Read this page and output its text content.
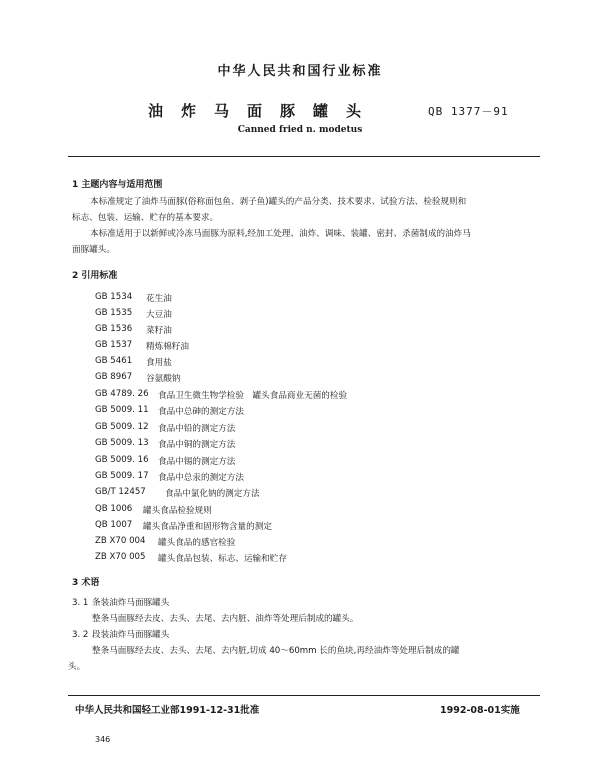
中华人民共和国行业标准
油炸马面豚罐头	QB 1377－91
Canned fried n. modetus
1 主题内容与适用范围
本标准规定了油炸马面豚(俗称面包鱼、剥子鱼)罐头的产品分类、技术要求、试验方法、检验规则和
标志、包装、运输、贮存的基本要求。
本标准适用于以新鲜或冷冻马面豚为原料,经加工处理、油炸、调味、装罐、密封、杀菌制成的油炸马
面豚罐头。
2 引用标准
GB 1534 花生油
GB 1535 大豆油
GB 1536 菜籽油
GB 1537 精炼棉籽油
GB 5461 食用盐
GB 8967 谷氨酸钠
GB 4789. 26 食品卫生微生物学检验　罐头食品商业无菌的检验
GB 5009. 11 食品中总砷的测定方法
GB 5009. 12 食品中铅的测定方法
GB 5009. 13 食品中铜的测定方法
GB 5009. 16 食品中锡的测定方法
GB 5009. 17 食品中总汞的测定方法
GB/T 12457 食品中氯化钠的测定方法
QB 1006 罐头食品检验规则
QB 1007 罐头食品净重和固形物含量的测定
ZB X70 004 罐头食品的感官检验
ZB X70 005 罐头食品包装、标志、运输和贮存
3 术语
3. 1 条装油炸马面豚罐头
整条马面豚经去皮、去头、去尾、去内脏、油炸等处理后制成的罐头。
3. 2 段装油炸马面豚罐头
整条马面豚经去皮、去头、去尾、去内脏,切成 40～60mm 长的鱼块,再经油炸等处理后制成的罐
头。
中华人民共和国轻工业部1991-12-31批准	1992-08-01实施
346
